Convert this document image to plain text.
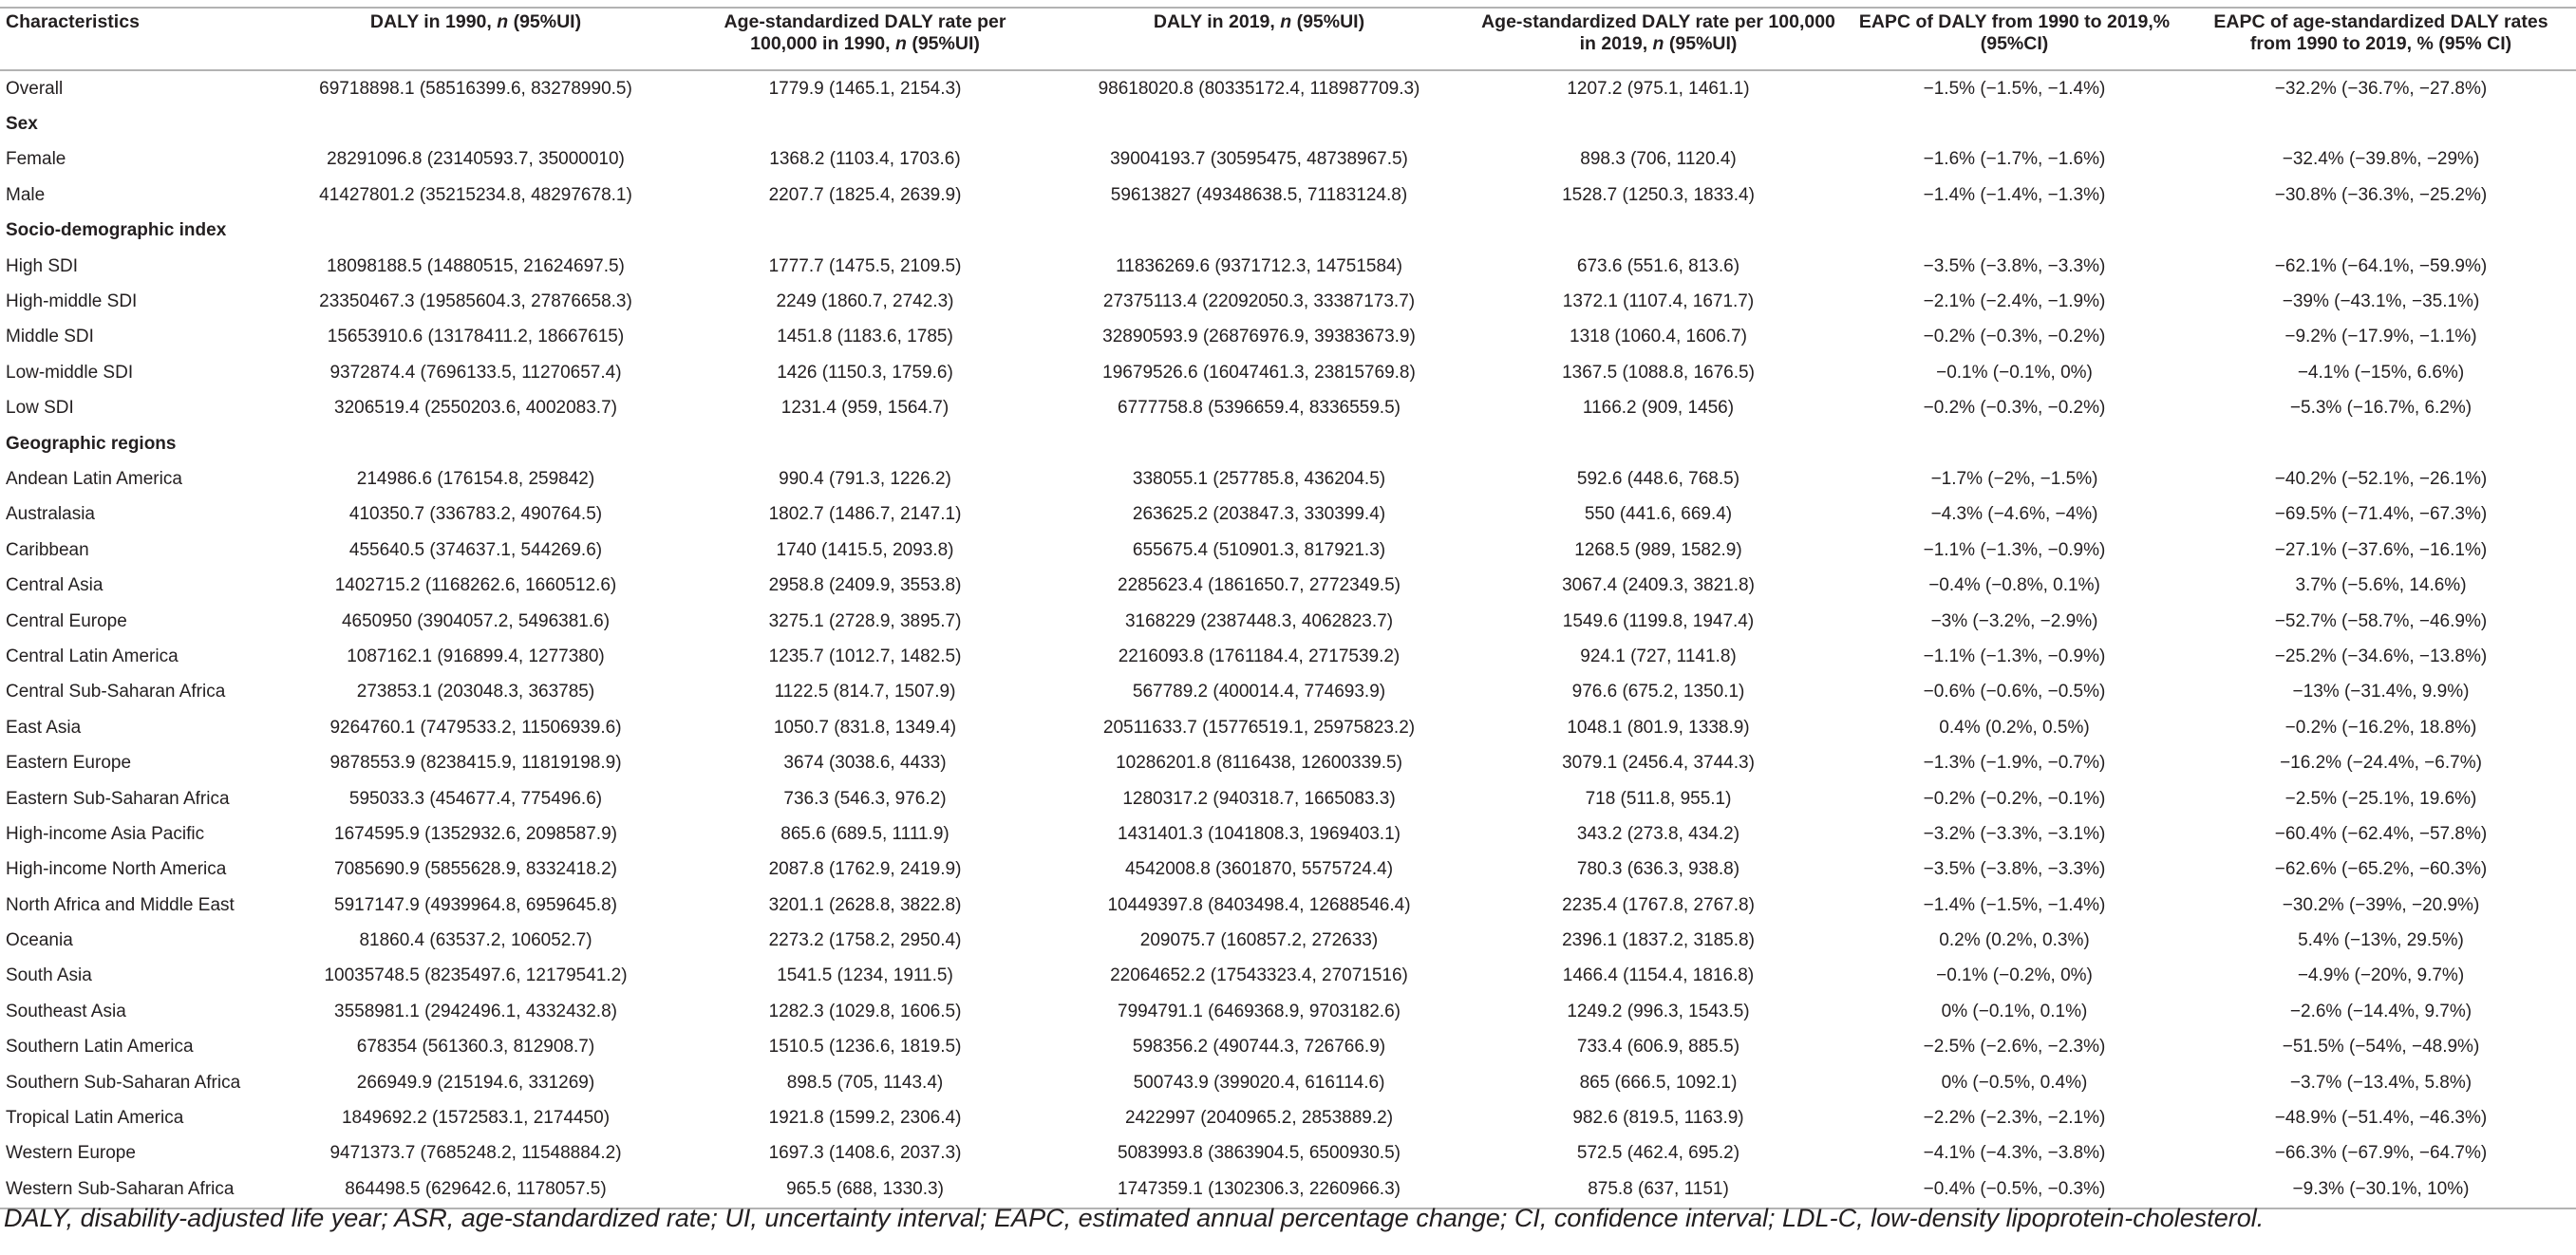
Characteristics	DALY in 1990, n (95%UI)	Age-standardized DALY rate per 100,000 in 1990, n (95%UI)	DALY in 2019, n (95%UI)	Age-standardized DALY rate per 100,000 in 2019, n (95%UI)	EAPC of DALY from 1990 to 2019,% (95%CI)	EAPC of age-standardized DALY rates from 1990 to 2019, % (95% CI)
Overall	69718898.1 (58516399.6, 83278990.5)	1779.9 (1465.1, 2154.3)	98618020.8 (80335172.4, 118987709.3)	1207.2 (975.1, 1461.1)	−1.5% (−1.5%, −1.4%)	−32.2% (−36.7%, −27.8%)
Sex						
Female	28291096.8 (23140593.7, 35000010)	1368.2 (1103.4, 1703.6)	39004193.7 (30595475, 48738967.5)	898.3 (706, 1120.4)	−1.6% (−1.7%, −1.6%)	−32.4% (−39.8%, −29%)
Male	41427801.2 (35215234.8, 48297678.1)	2207.7 (1825.4, 2639.9)	59613827 (49348638.5, 71183124.8)	1528.7 (1250.3, 1833.4)	−1.4% (−1.4%, −1.3%)	−30.8% (−36.3%, −25.2%)
Socio-demographic index						
High SDI	18098188.5 (14880515, 21624697.5)	1777.7 (1475.5, 2109.5)	11836269.6 (9371712.3, 14751584)	673.6 (551.6, 813.6)	−3.5% (−3.8%, −3.3%)	−62.1% (−64.1%, −59.9%)
High-middle SDI	23350467.3 (19585604.3, 27876658.3)	2249 (1860.7, 2742.3)	27375113.4 (22092050.3, 33387173.7)	1372.1 (1107.4, 1671.7)	−2.1% (−2.4%, −1.9%)	−39% (−43.1%, −35.1%)
Middle SDI	15653910.6 (13178411.2, 18667615)	1451.8 (1183.6, 1785)	32890593.9 (26876976.9, 39383673.9)	1318 (1060.4, 1606.7)	−0.2% (−0.3%, −0.2%)	−9.2% (−17.9%, −1.1%)
Low-middle SDI	9372874.4 (7696133.5, 11270657.4)	1426 (1150.3, 1759.6)	19679526.6 (16047461.3, 23815769.8)	1367.5 (1088.8, 1676.5)	−0.1% (−0.1%, 0%)	−4.1% (−15%, 6.6%)
Low SDI	3206519.4 (2550203.6, 4002083.7)	1231.4 (959, 1564.7)	6777758.8 (5396659.4, 8336559.5)	1166.2 (909, 1456)	−0.2% (−0.3%, −0.2%)	−5.3% (−16.7%, 6.2%)
Geographic regions						
Andean Latin America	214986.6 (176154.8, 259842)	990.4 (791.3, 1226.2)	338055.1 (257785.8, 436204.5)	592.6 (448.6, 768.5)	−1.7% (−2%, −1.5%)	−40.2% (−52.1%, −26.1%)
Australasia	410350.7 (336783.2, 490764.5)	1802.7 (1486.7, 2147.1)	263625.2 (203847.3, 330399.4)	550 (441.6, 669.4)	−4.3% (−4.6%, −4%)	−69.5% (−71.4%, −67.3%)
Caribbean	455640.5 (374637.1, 544269.6)	1740 (1415.5, 2093.8)	655675.4 (510901.3, 817921.3)	1268.5 (989, 1582.9)	−1.1% (−1.3%, −0.9%)	−27.1% (−37.6%, −16.1%)
Central Asia	1402715.2 (1168262.6, 1660512.6)	2958.8 (2409.9, 3553.8)	2285623.4 (1861650.7, 2772349.5)	3067.4 (2409.3, 3821.8)	−0.4% (−0.8%, 0.1%)	3.7% (−5.6%, 14.6%)
Central Europe	4650950 (3904057.2, 5496381.6)	3275.1 (2728.9, 3895.7)	3168229 (2387448.3, 4062823.7)	1549.6 (1199.8, 1947.4)	−3% (−3.2%, −2.9%)	−52.7% (−58.7%, −46.9%)
Central Latin America	1087162.1 (916899.4, 1277380)	1235.7 (1012.7, 1482.5)	2216093.8 (1761184.4, 2717539.2)	924.1 (727, 1141.8)	−1.1% (−1.3%, −0.9%)	−25.2% (−34.6%, −13.8%)
Central Sub-Saharan Africa	273853.1 (203048.3, 363785)	1122.5 (814.7, 1507.9)	567789.2 (400014.4, 774693.9)	976.6 (675.2, 1350.1)	−0.6% (−0.6%, −0.5%)	−13% (−31.4%, 9.9%)
East Asia	9264760.1 (7479533.2, 11506939.6)	1050.7 (831.8, 1349.4)	20511633.7 (15776519.1, 25975823.2)	1048.1 (801.9, 1338.9)	0.4% (0.2%, 0.5%)	−0.2% (−16.2%, 18.8%)
Eastern Europe	9878553.9 (8238415.9, 11819198.9)	3674 (3038.6, 4433)	10286201.8 (8116438, 12600339.5)	3079.1 (2456.4, 3744.3)	−1.3% (−1.9%, −0.7%)	−16.2% (−24.4%, −6.7%)
Eastern Sub-Saharan Africa	595033.3 (454677.4, 775496.6)	736.3 (546.3, 976.2)	1280317.2 (940318.7, 1665083.3)	718 (511.8, 955.1)	−0.2% (−0.2%, −0.1%)	−2.5% (−25.1%, 19.6%)
High-income Asia Pacific	1674595.9 (1352932.6, 2098587.9)	865.6 (689.5, 1111.9)	1431401.3 (1041808.3, 1969403.1)	343.2 (273.8, 434.2)	−3.2% (−3.3%, −3.1%)	−60.4% (−62.4%, −57.8%)
High-income North America	7085690.9 (5855628.9, 8332418.2)	2087.8 (1762.9, 2419.9)	4542008.8 (3601870, 5575724.4)	780.3 (636.3, 938.8)	−3.5% (−3.8%, −3.3%)	−62.6% (−65.2%, −60.3%)
North Africa and Middle East	5917147.9 (4939964.8, 6959645.8)	3201.1 (2628.8, 3822.8)	10449397.8 (8403498.4, 12688546.4)	2235.4 (1767.8, 2767.8)	−1.4% (−1.5%, −1.4%)	−30.2% (−39%, −20.9%)
Oceania	81860.4 (63537.2, 106052.7)	2273.2 (1758.2, 2950.4)	209075.7 (160857.2, 272633)	2396.1 (1837.2, 3185.8)	0.2% (0.2%, 0.3%)	5.4% (−13%, 29.5%)
South Asia	10035748.5 (8235497.6, 12179541.2)	1541.5 (1234, 1911.5)	22064652.2 (17543323.4, 27071516)	1466.4 (1154.4, 1816.8)	−0.1% (−0.2%, 0%)	−4.9% (−20%, 9.7%)
Southeast Asia	3558981.1 (2942496.1, 4332432.8)	1282.3 (1029.8, 1606.5)	7994791.1 (6469368.9, 9703182.6)	1249.2 (996.3, 1543.5)	0% (−0.1%, 0.1%)	−2.6% (−14.4%, 9.7%)
Southern Latin America	678354 (561360.3, 812908.7)	1510.5 (1236.6, 1819.5)	598356.2 (490744.3, 726766.9)	733.4 (606.9, 885.5)	−2.5% (−2.6%, −2.3%)	−51.5% (−54%, −48.9%)
Southern Sub-Saharan Africa	266949.9 (215194.6, 331269)	898.5 (705, 1143.4)	500743.9 (399020.4, 616114.6)	865 (666.5, 1092.1)	0% (−0.5%, 0.4%)	−3.7% (−13.4%, 5.8%)
Tropical Latin America	1849692.2 (1572583.1, 2174450)	1921.8 (1599.2, 2306.4)	2422997 (2040965.2, 2853889.2)	982.6 (819.5, 1163.9)	−2.2% (−2.3%, −2.1%)	−48.9% (−51.4%, −46.3%)
Western Europe	9471373.7 (7685248.2, 11548884.2)	1697.3 (1408.6, 2037.3)	5083993.8 (3863904.5, 6500930.5)	572.5 (462.4, 695.2)	−4.1% (−4.3%, −3.8%)	−66.3% (−67.9%, −64.7%)
Western Sub-Saharan Africa	864498.5 (629642.6, 1178057.5)	965.5 (688, 1330.3)	1747359.1 (1302306.3, 2260966.3)	875.8 (637, 1151)	−0.4% (−0.5%, −0.3%)	−9.3% (−30.1%, 10%)
DALY, disability-adjusted life year; ASR, age-standardized rate; UI, uncertainty interval; EAPC, estimated annual percentage change; CI, confidence interval; LDL-C, low-density lipoprotein-cholesterol.
